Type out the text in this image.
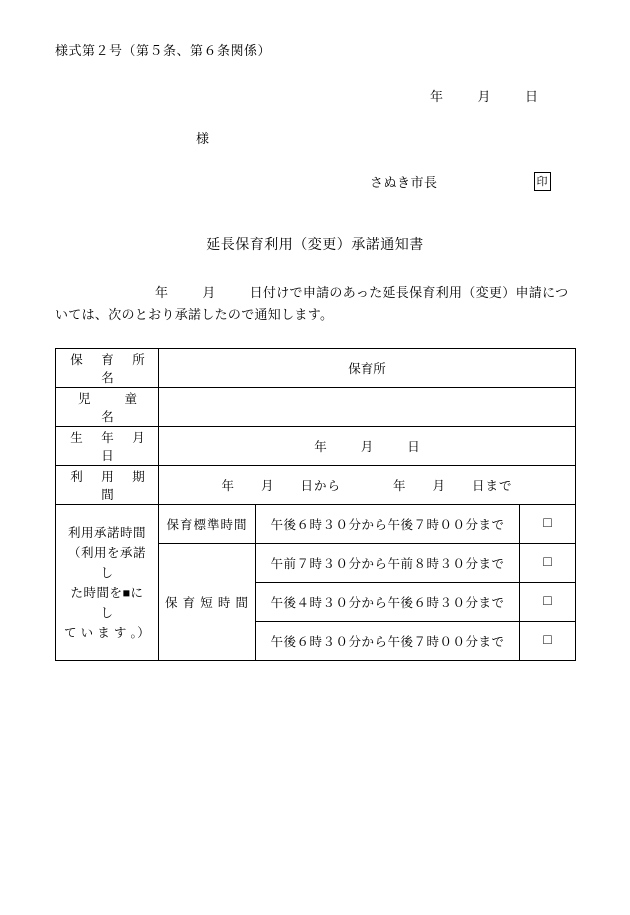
様式第２号（第５条、第６条関係）
年	月	日
様
さぬき市長	印
延長保育利用（変更）承諾通知書
年	月	日付けで申請のあった延長保育利用（変更）申請については、次のとおり承諾したので通知します。
保　育　所　名	保育所		
児　　童　　名			
生　年　月　日	年 月 日		
利　用　期　間	年 月 日から 年 月 日まで		

利用承諾時間
（利用を承諾し
た時間を■にし
て い ま す 。）	保育標準時間	午後６時３０分から午後７時００分まで	□
	保 育 短 時 間	午前７時３０分から午前８時３０分まで	□
		午後４時３０分から午後６時３０分まで	□
		午後６時３０分から午後７時００分まで	□
